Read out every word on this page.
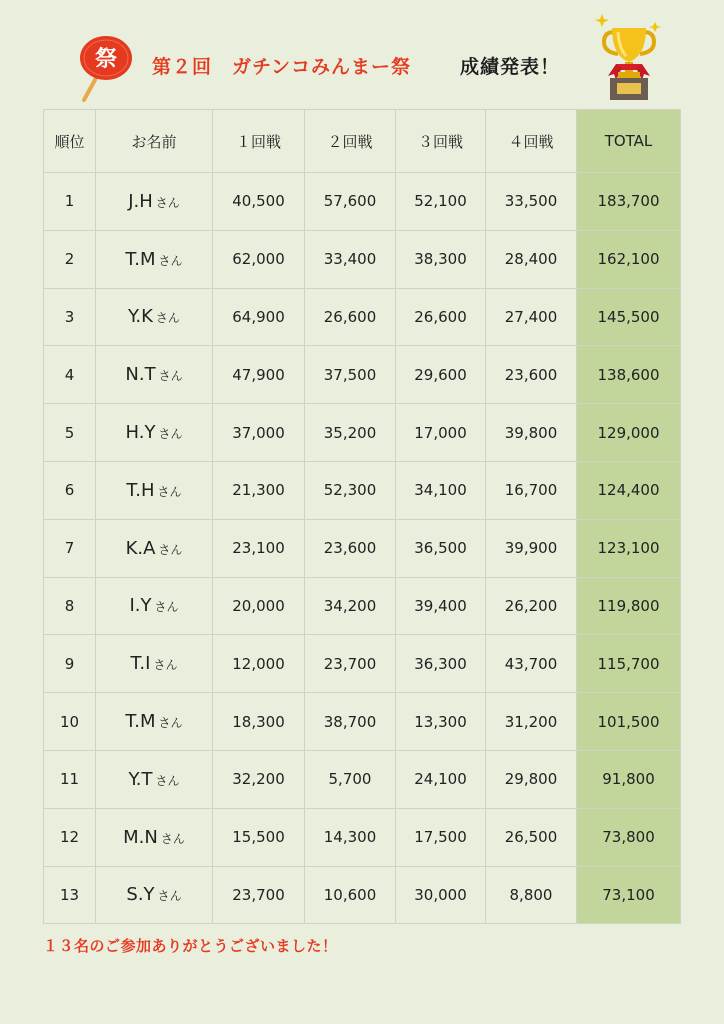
祭 第２回　ガチンコみんまー祭	成績発表！
順位	お名前	１回戦	２回戦	３回戦	４回戦	TOTAL
1	J.H さん	40,500	57,600	52,100	33,500	183,700
2	T.M さん	62,000	33,400	38,300	28,400	162,100
3	Y.K さん	64,900	26,600	26,600	27,400	145,500
4	N.T さん	47,900	37,500	29,600	23,600	138,600
5	H.Y さん	37,000	35,200	17,000	39,800	129,000
6	T.H さん	21,300	52,300	34,100	16,700	124,400
7	K.A さん	23,100	23,600	36,500	39,900	123,100
8	I.Y さん	20,000	34,200	39,400	26,200	119,800
9	T.I さん	12,000	23,700	36,300	43,700	115,700
10	T.M さん	18,300	38,700	13,300	31,200	101,500
11	Y.T さん	32,200	5,700	24,100	29,800	91,800
12	M.N さん	15,500	14,300	17,500	26,500	73,800
13	S.Y さん	23,700	10,600	30,000	8,800	73,100
１３名のご参加ありがとうございました！
